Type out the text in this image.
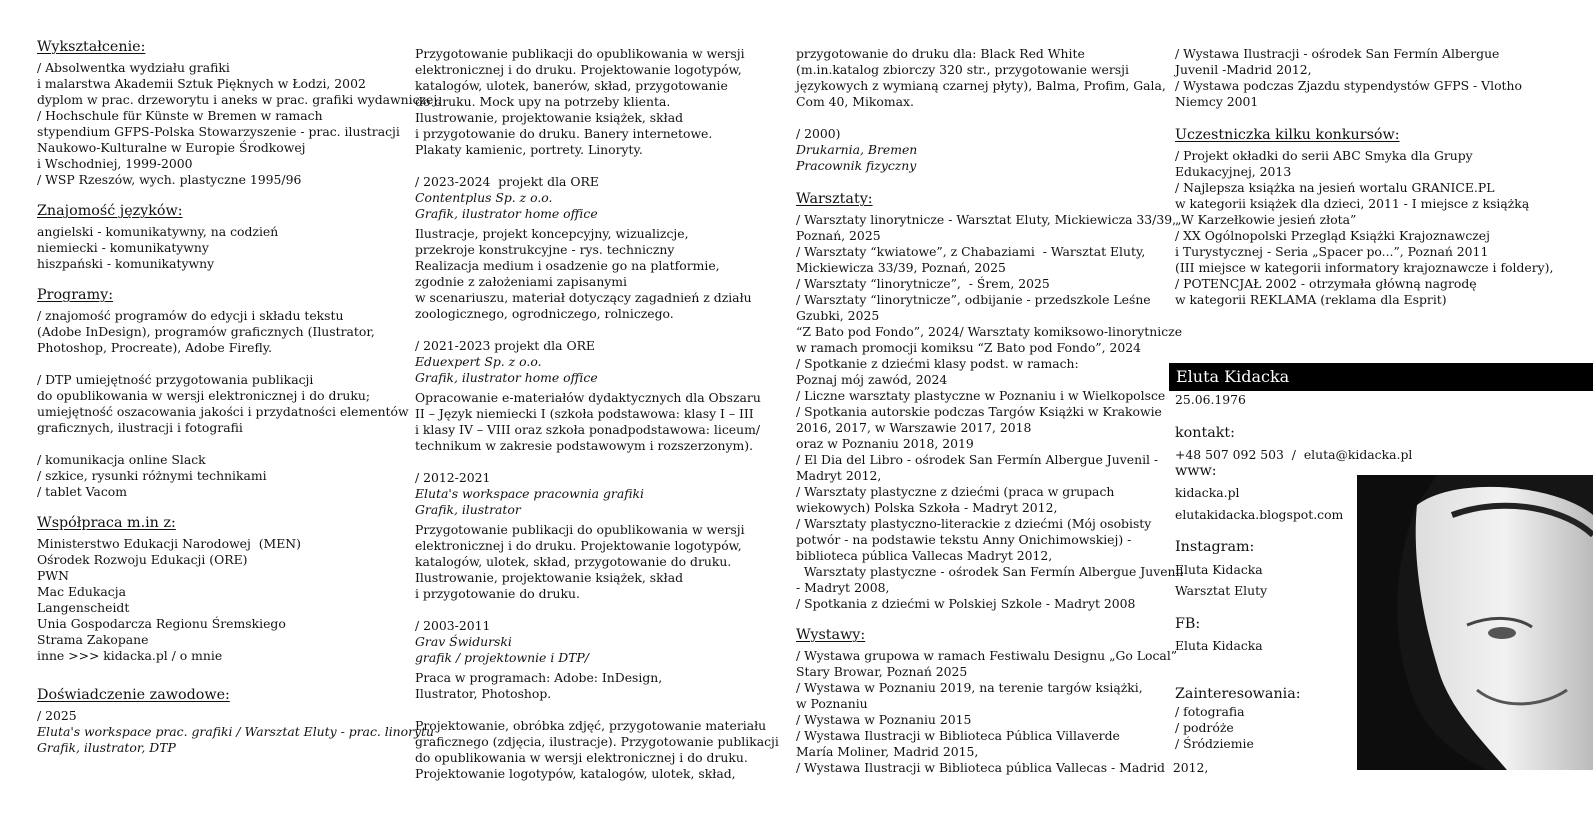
Wykształcenie:
/ Absolwentka wydziału grafiki
i malarstwa Akademii Sztuk Pięknych w Łodzi, 2002
dyplom w prac. drzeworytu i aneks w prac. grafiki wydawniczej.
/ Hochschule für Künste w Bremen w ramach
stypendium GFPS-Polska Stowarzyszenie - prac. ilustracji
Naukowo-Kulturalne w Europie Środkowej
i Wschodniej, 1999-2000
/ WSP Rzeszów, wych. plastyczne 1995/96
Znajomość języków:
angielski - komunikatywny, na codzień
niemiecki - komunikatywny
hiszpański - komunikatywny
Programy:
/ znajomość programów do edycji i składu tekstu
(Adobe InDesign), programów graficznych (Ilustrator,
Photoshop, Procreate), Adobe Firefly.
/ DTP umiejętność przygotowania publikacji
do opublikowania w wersji elektronicznej i do druku;
umiejętność oszacowania jakości i przydatności elementów
graficznych, ilustracji i fotografii
/ komunikacja online Slack
/ szkice, rysunki różnymi technikami
/ tablet Vacom
Współpraca m.in z:
Ministerstwo Edukacji Narodowej  (MEN)
Ośrodek Rozwoju Edukacji (ORE)
PWN
Mac Edukacja
Langenscheidt
Unia Gospodarcza Regionu Śremskiego
Strama Zakopane
inne >>> kidacka.pl / o mnie
Doświadczenie zawodowe:
/ 2025
Eluta's workspace prac. grafiki / Warsztat Eluty - prac. linorytu
Grafik, ilustrator, DTP
Przygotowanie publikacji do opublikowania w wersji
elektronicznej i do druku. Projektowanie logotypów,
katalogów, ulotek, banerów, skład, przygotowanie
do druku. Mock upy na potrzeby klienta.
Ilustrowanie, projektowanie książek, skład
i przygotowanie do druku. Banery internetowe.
Plakaty kamienic, portrety. Linoryty.
/ 2023-2024  projekt dla ORE
Contentplus Sp. z o.o.
Grafik, ilustrator home office
Ilustracje, projekt koncepcyjny, wizualizcje,
przekroje konstrukcyjne - rys. techniczny
Realizacja medium i osadzenie go na platformie,
zgodnie z założeniami zapisanymi
w scenariuszu, materiał dotyczący zagadnień z działu
zoologicznego, ogrodniczego, rolniczego.
/ 2021-2023 projekt dla ORE
Eduexpert Sp. z o.o.
Grafik, ilustrator home office
Opracowanie e-materiałów dydaktycznych dla Obszaru
II – Język niemiecki I (szkoła podstawowa: klasy I – III
i klasy IV – VIII oraz szkoła ponadpodstawowa: liceum/
technikum w zakresie podstawowym i rozszerzonym).
/ 2012-2021
Eluta's workspace pracownia grafiki
Grafik, ilustrator
Przygotowanie publikacji do opublikowania w wersji
elektronicznej i do druku. Projektowanie logotypów,
katalogów, ulotek, skład, przygotowanie do druku.
Ilustrowanie, projektowanie książek, skład
i przygotowanie do druku.
/ 2003-2011
Grav Świdurski
grafik / projektownie i DTP/
Praca w programach: Adobe: InDesign,
Ilustrator, Photoshop.

Projektowanie, obróbka zdjęć, przygotowanie materiału
graficznego (zdjęcia, ilustracje). Przygotowanie publikacji
do opublikowania w wersji elektronicznej i do druku.
Projektowanie logotypów, katalogów, ulotek, skład,
przygotowanie do druku dla: Black Red White
(m.in.katalog zbiorczy 320 str., przygotowanie wersji
językowych z wymianą czarnej płyty), Balma, Profim, Gala,
Com 40, Mikomax.
/ 2000)
Drukarnia, Bremen
Pracownik fizyczny
Warsztaty:
/ Warsztaty linorytnicze - Warsztat Eluty, Mickiewicza 33/39,
Poznań, 2025
/ Warsztaty “kwiatowe”, z Chabaziami  - Warsztat Eluty,
Mickiewicza 33/39, Poznań, 2025
/ Warsztaty “linorytnicze”,  - Śrem, 2025
/ Warsztaty “linorytnicze”, odbijanie - przedszkole Leśne
Gzubki, 2025
“Z Bato pod Fondo”, 2024/ Warsztaty komiksowo-linorytnicze
w ramach promocji komiksu “Z Bato pod Fondo”, 2024
/ Spotkanie z dziećmi klasy podst. w ramach:
Poznaj mój zawód, 2024
/ Liczne warsztaty plastyczne w Poznaniu i w Wielkopolsce
/ Spotkania autorskie podczas Targów Książki w Krakowie
2016, 2017, w Warszawie 2017, 2018
oraz w Poznaniu 2018, 2019
/ El Dia del Libro - ośrodek San Fermín Albergue Juvenil -
Madryt 2012,
/ Warsztaty plastyczne z dziećmi (praca w grupach
wiekowych) Polska Szkoła - Madryt 2012,
/ Warsztaty plastyczno-literackie z dziećmi (Mój osobisty
potwór - na podstawie tekstu Anny Onichimowskiej) -
biblioteca pública Vallecas Madryt 2012,
Warsztaty plastyczne - ośrodek San Fermín Albergue Juvenil
- Madryt 2008,
/ Spotkania z dziećmi w Polskiej Szkole - Madryt 2008
Wystawy:
/ Wystawa grupowa w ramach Festiwalu Designu „Go Local”
Stary Browar, Poznań 2025
/ Wystawa w Poznaniu 2019, na terenie targów książki,
w Poznaniu
/ Wystawa w Poznaniu 2015
/ Wystawa Ilustracji w Biblioteca Pública Villaverde
María Moliner, Madrid 2015,
/ Wystawa Ilustracji w Biblioteca pública Vallecas - Madrid  2012,
/ Wystawa Ilustracji - ośrodek San Fermín Albergue
Juvenil -Madrid 2012,
/ Wystawa podczas Zjazdu stypendystów GFPS - Vlotho
Niemcy 2001
Uczestniczka kilku konkursów:
/ Projekt okładki do serii ABC Smyka dla Grupy
Edukacyjnej, 2013
/ Najlepsza książka na jesień wortalu GRANICE.PL
w kategorii książek dla dzieci, 2011 - I miejsce z książką
„W Karzełkowie jesień złota”
/ XX Ogólnopolski Przegląd Książki Krajoznawczej
i Turystycznej - Seria „Spacer po...”, Poznań 2011
(III miejsce w kategorii informatory krajoznawcze i foldery),
/ POTENCJAŁ 2002 - otrzymała główną nagrodę
w kategorii REKLAMA (reklama dla Esprit)
Eluta Kidacka
25.06.1976
kontakt:
+48 507 092 503  /  eluta@kidacka.pl
www:
kidacka.pl
elutakidacka.blogspot.com
Instagram:
Eluta Kidacka
Warsztat Eluty
FB:
Eluta Kidacka
Zainteresowania:
/ fotografia
/ podróże
/ Śródziemie
